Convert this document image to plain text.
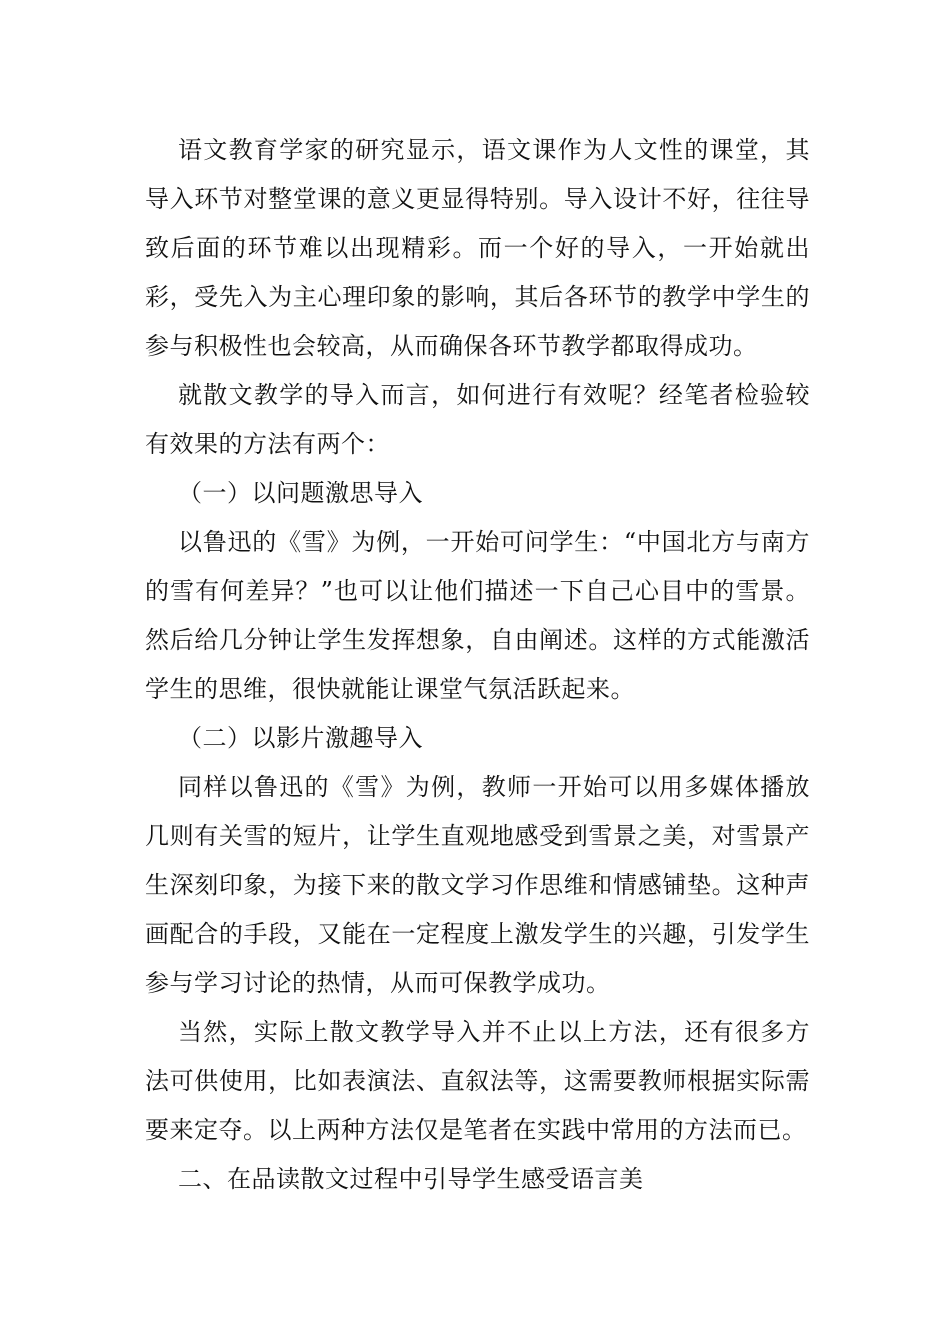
语文教育学家的研究显示，语文课作为人文性的课堂，其导入环节对整堂课的意义更显得特别。导入设计不好，往往导致后面的环节难以出现精彩。而一个好的导入，一开始就出彩，受先入为主心理印象的影响，其后各环节的教学中学生的参与积极性也会较高，从而确保各环节教学都取得成功。

就散文教学的导入而言，如何进行有效呢？经笔者检验较有效果的方法有两个：

（一）以问题激思导入

以鲁迅的《雪》为例，一开始可问学生：“中国北方与南方的雪有何差异？”也可以让他们描述一下自己心目中的雪景。然后给几分钟让学生发挥想象，自由阐述。这样的方式能激活学生的思维，很快就能让课堂气氛活跃起来。

（二）以影片激趣导入

同样以鲁迅的《雪》为例，教师一开始可以用多媒体播放几则有关雪的短片，让学生直观地感受到雪景之美，对雪景产生深刻印象，为接下来的散文学习作思维和情感铺垫。这种声画配合的手段，又能在一定程度上激发学生的兴趣，引发学生参与学习讨论的热情，从而可保教学成功。

当然，实际上散文教学导入并不止以上方法，还有很多方法可供使用，比如表演法、直叙法等，这需要教师根据实际需要来定夺。以上两种方法仅是笔者在实践中常用的方法而已。

二、在品读散文过程中引导学生感受语言美
